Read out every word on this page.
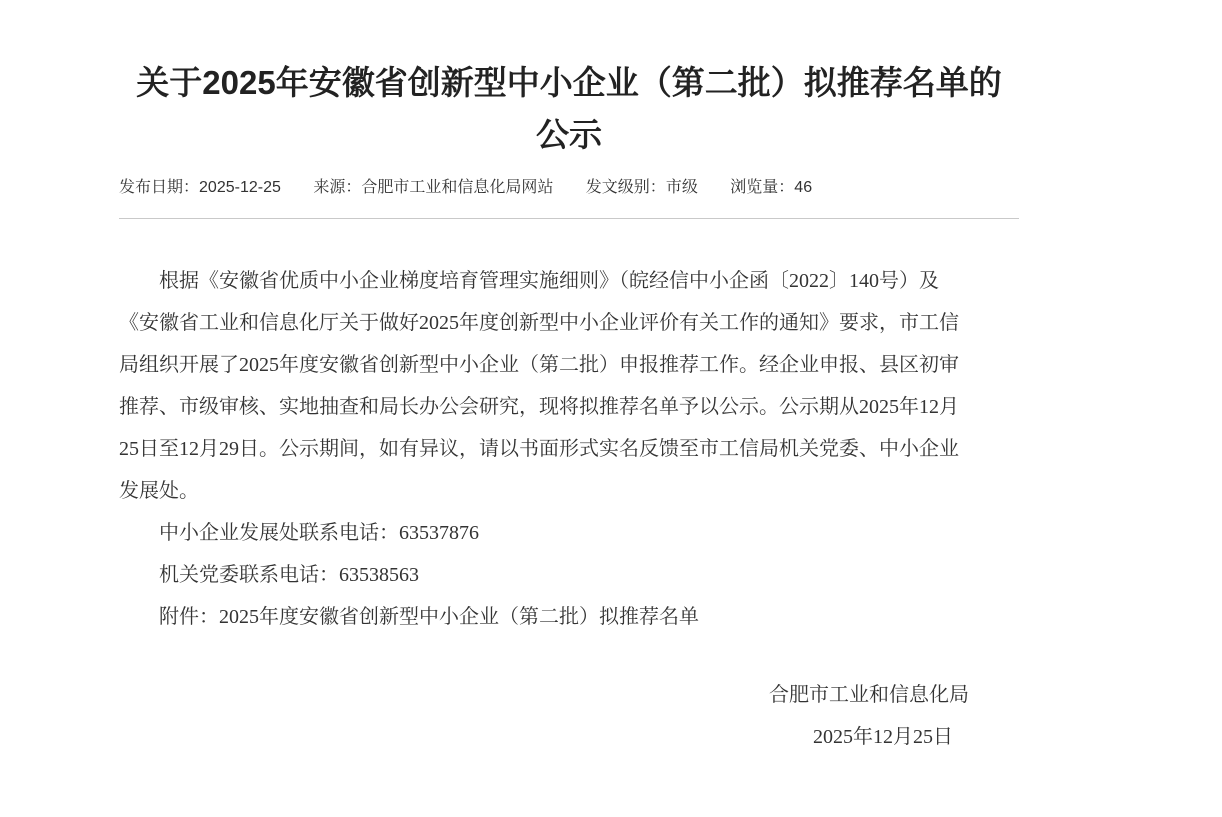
关于2025年安徽省创新型中小企业（第二批）拟推荐名单的
公示
发布日期：2025-12-25 来源：合肥市工业和信息化局网站 发文级别：市级 浏览量：46

根据《安徽省优质中小企业梯度培育管理实施细则》（皖经信中小企函〔2022〕140号）及《安徽省工业和信息化厅关于做好2025年度创新型中小企业评价有关工作的通知》要求，市工信局组织开展了2025年度安徽省创新型中小企业（第二批）申报推荐工作。经企业申报、县区初审推荐、市级审核、实地抽查和局长办公会研究，现将拟推荐名单予以公示。公示期从2025年12月25日至12月29日。公示期间，如有异议，请以书面形式实名反馈至市工信局机关党委、中小企业发展处。

中小企业发展处联系电话：63537876

机关党委联系电话：63538563

附件：2025年度安徽省创新型中小企业（第二批）拟推荐名单

合肥市工业和信息化局

2025年12月25日
